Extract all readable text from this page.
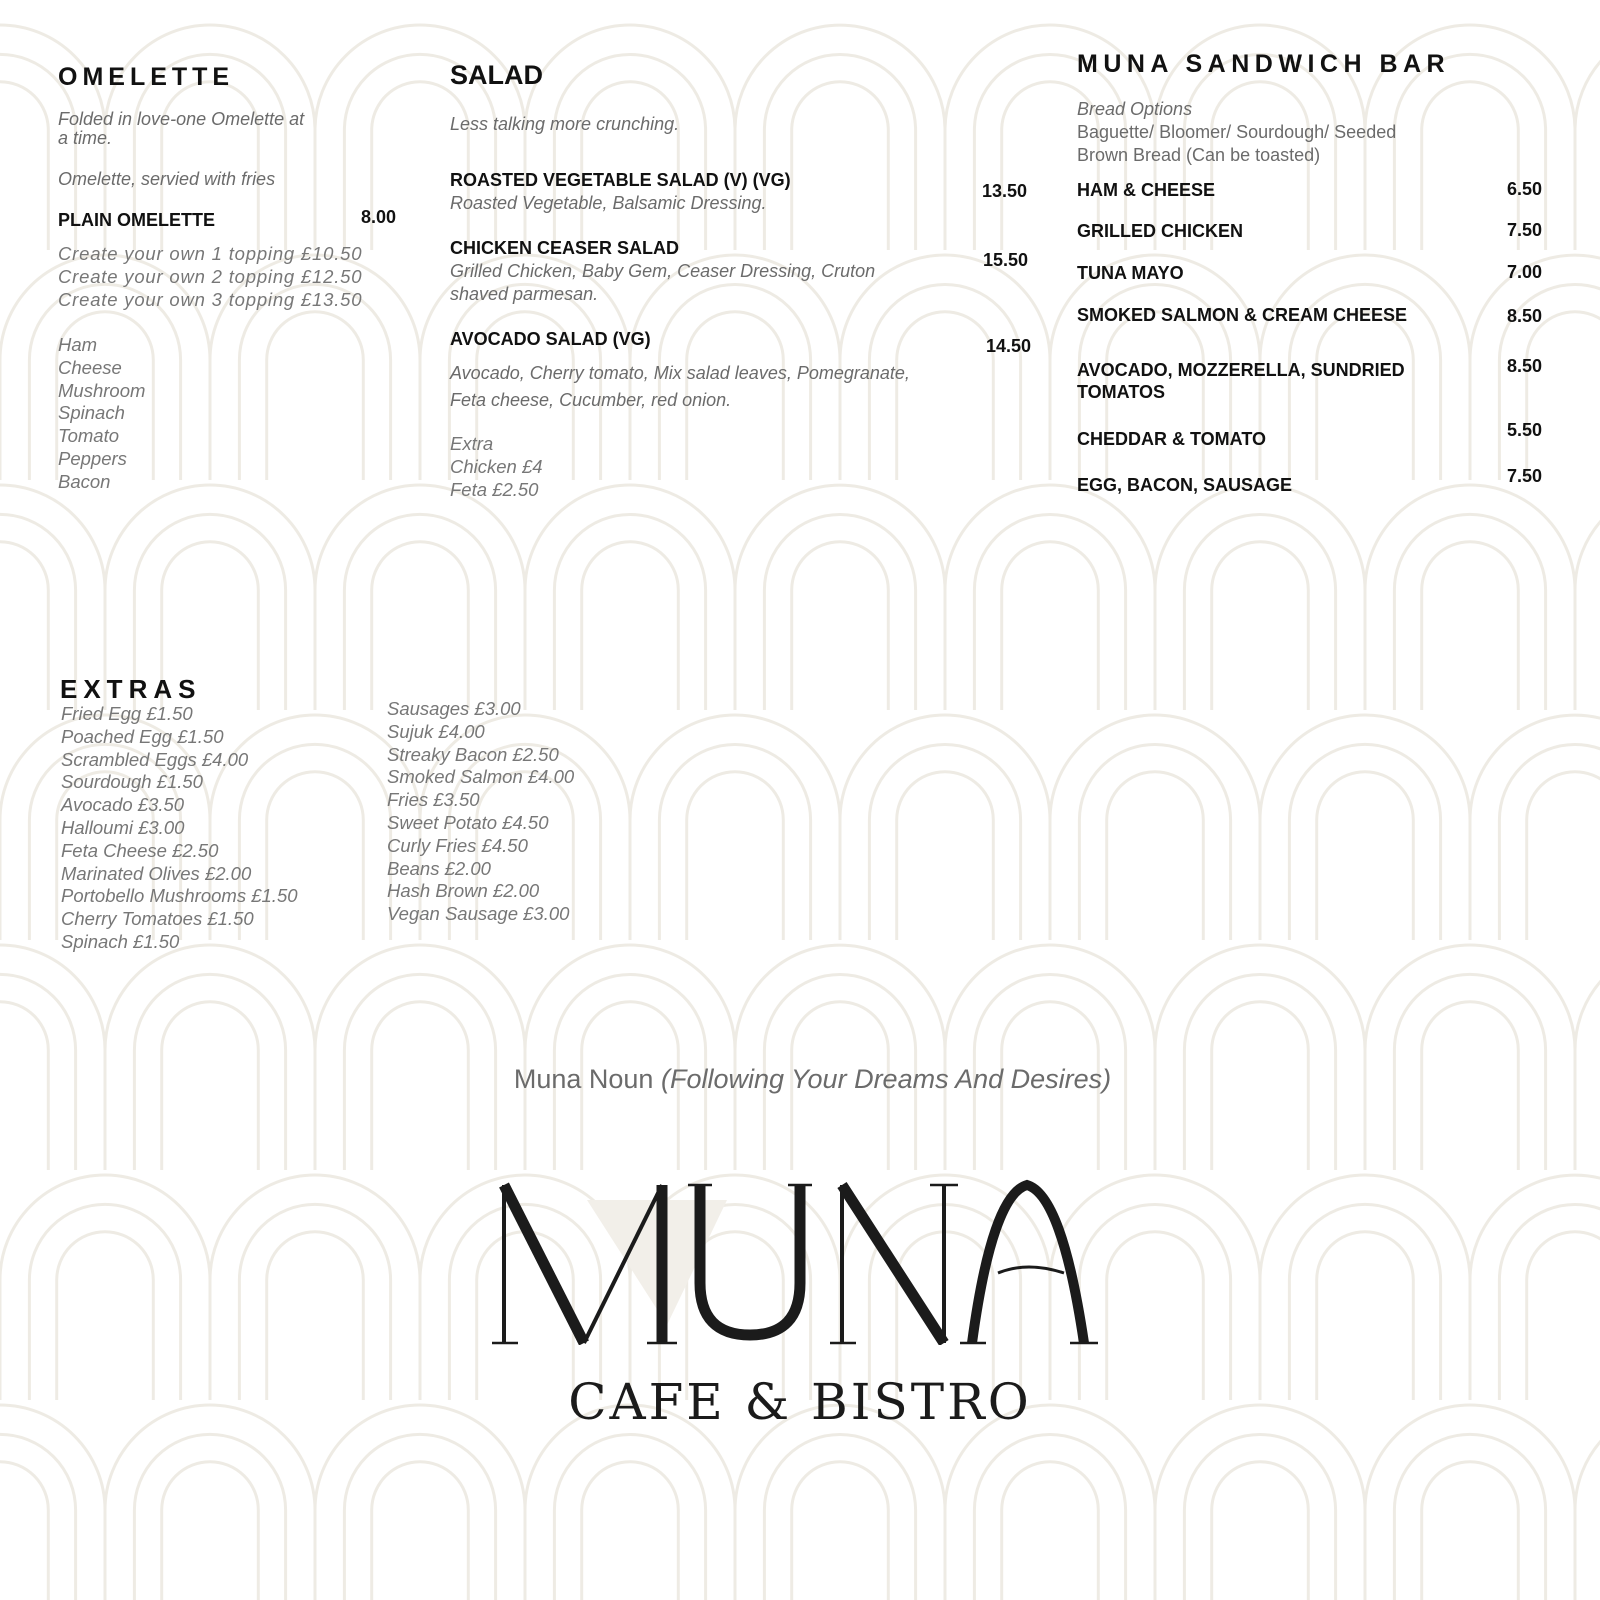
OMELETTE
Folded in love-one Omelette at
a time.
Omelette, servied with fries
PLAIN OMELETTE	8.00
Create your own 1 topping £10.50
Create your own 2 topping £12.50
Create your own 3 topping £13.50
Ham
Cheese
Mushroom
Spinach
Tomato
Peppers
Bacon
SALAD
Less talking more crunching.
ROASTED VEGETABLE SALAD (V) (VG)
Roasted Vegetable, Balsamic Dressing.
13.50
CHICKEN CEASER SALAD
Grilled Chicken, Baby Gem, Ceaser Dressing, Cruton
shaved parmesan.
15.50
AVOCADO SALAD (VG)
Avocado, Cherry tomato, Mix salad leaves, Pomegranate,
Feta cheese, Cucumber, red onion.
14.50
Extra
Chicken £4
Feta £2.50
MUNA SANDWICH BAR
Bread Options
Baguette/ Bloomer/ Sourdough/ Seeded
Brown Bread (Can be toasted)
HAM & CHEESE	6.50
GRILLED CHICKEN	7.50
TUNA MAYO	7.00
SMOKED SALMON & CREAM CHEESE	8.50
AVOCADO, MOZZERELLA, SUNDRIED
TOMATOS
8.50
CHEDDAR & TOMATO	5.50
EGG, BACON, SAUSAGE	7.50
EXTRAS
Fried Egg £1.50
Poached Egg £1.50
Scrambled Eggs £4.00
Sourdough £1.50
Avocado £3.50
Halloumi £3.00
Feta Cheese £2.50
Marinated Olives £2.00
Portobello Mushrooms £1.50
Cherry Tomatoes £1.50
Spinach £1.50
Sausages £3.00
Sujuk £4.00
Streaky Bacon £2.50
Smoked Salmon £4.00
Fries £3.50
Sweet Potato £4.50
Curly Fries £4.50
Beans £2.00
Hash Brown £2.00
Vegan Sausage £3.00
Muna Noun (Following Your Dreams And Desires)
CAFE & BISTRO
